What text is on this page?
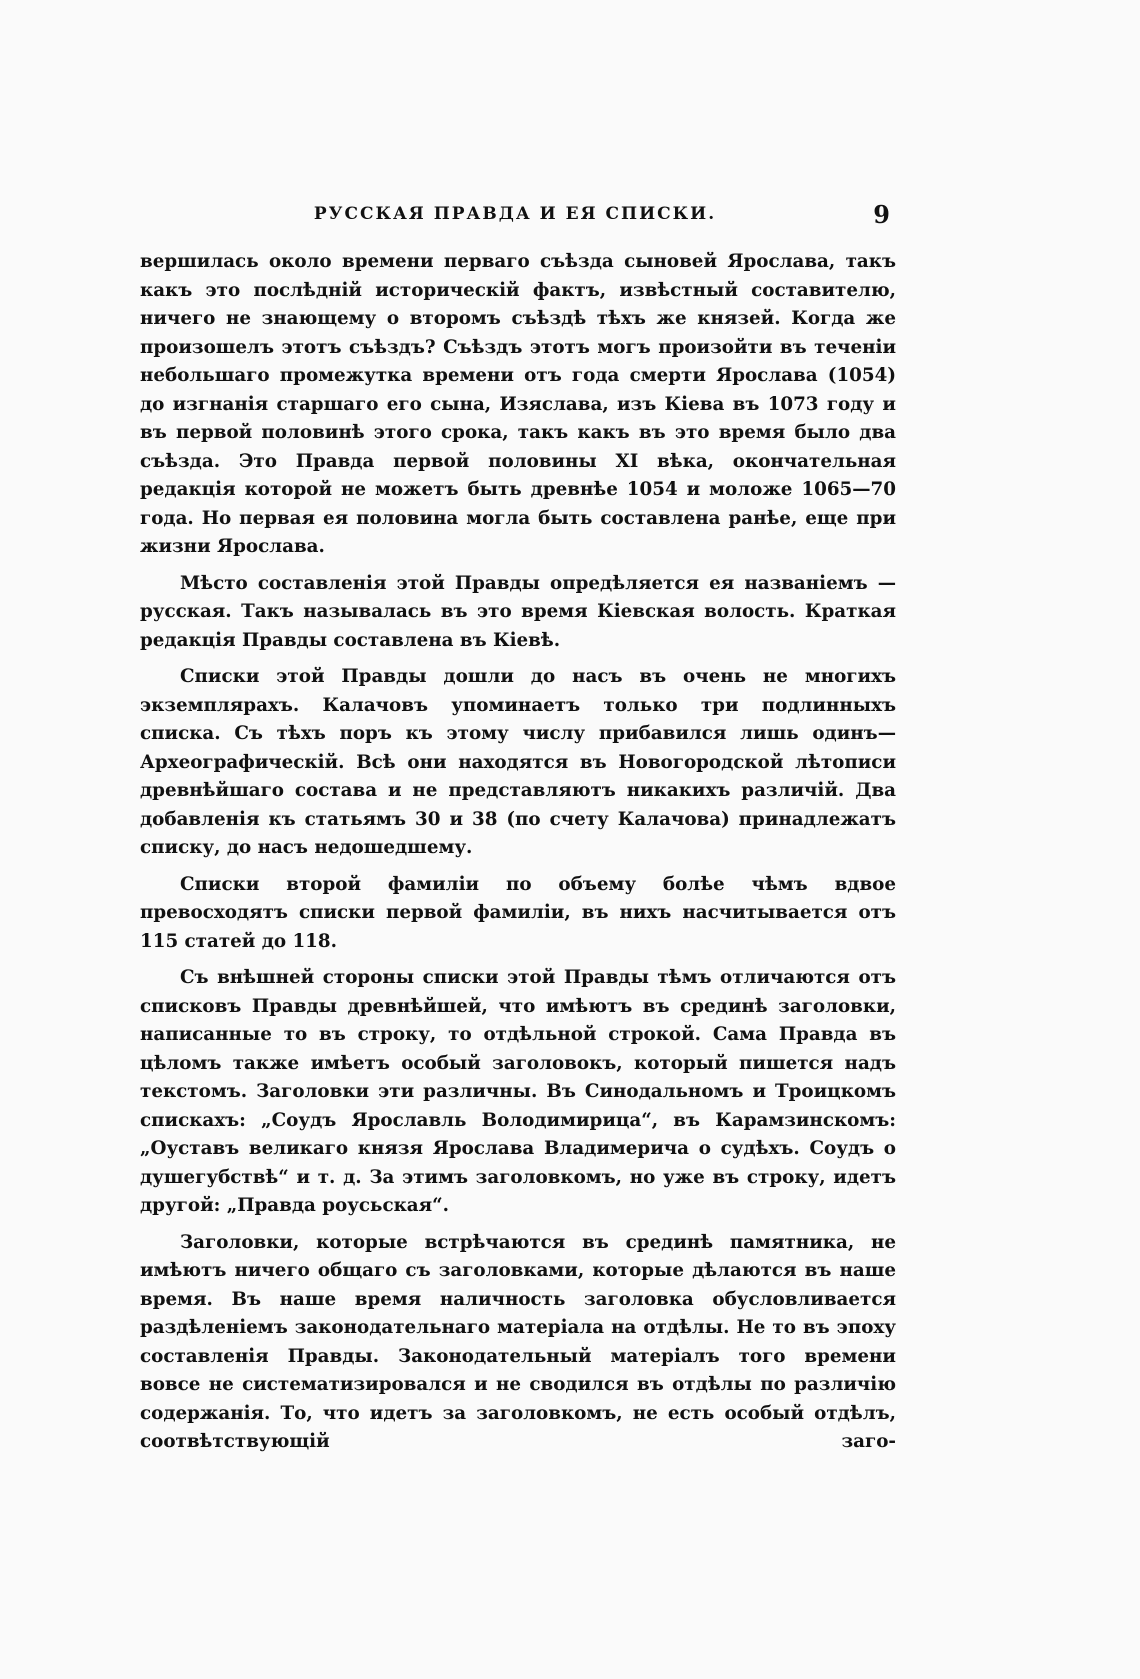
РУССКАЯ ПРАВДА И ЕЯ СПИСКИ.	9

вершилась около времени перваго съѣзда сыновей Ярослава, такъ какъ это послѣдній историческій фактъ, извѣстный составителю, ничего не знающему о второмъ съѣздѣ тѣхъ же князей. Когда же произошелъ этотъ съѣздъ? Съѣздъ этотъ могъ произойти въ теченіи небольшаго промежутка времени отъ года смерти Ярослава (1054) до изгнанія старшаго его сына, Изяслава, изъ Кіева въ 1073 году и въ первой половинѣ этого срока, такъ какъ въ это время было два съѣзда. Это Правда первой половины XI вѣка, окончательная редакція которой не можетъ быть древнѣе 1054 и моложе 1065—70 года. Но первая ея половина могла быть составлена ранѣе, еще при жизни Ярослава.

Мѣсто составленія этой Правды опредѣляется ея названіемъ — русская. Такъ называлась въ это время Кіевская волость. Краткая редакція Правды составлена въ Кіевѣ.

Списки этой Правды дошли до насъ въ очень не многихъ экземплярахъ. Калачовъ упоминаетъ только три подлинныхъ списка. Съ тѣхъ поръ къ этому числу прибавился лишь одинъ—Археографическій. Всѣ они находятся въ Новогородской лѣтописи древнѣйшаго состава и не представляютъ никакихъ различій. Два добавленія къ статьямъ 30 и 38 (по счету Калачова) принадлежатъ списку, до насъ недошедшему.

Списки второй фамиліи по объему болѣе чѣмъ вдвое превосходятъ списки первой фамиліи, въ нихъ насчитывается отъ 115 статей до 118.

Съ внѣшней стороны списки этой Правды тѣмъ отличаются отъ списковъ Правды древнѣйшей, что имѣютъ въ срединѣ заголовки, написанные то въ строку, то отдѣльной строкой. Сама Правда въ цѣломъ также имѣетъ особый заголовокъ, который пишется надъ текстомъ. Заголовки эти различны. Въ Синодальномъ и Троицкомъ спискахъ: „Соудъ Ярославль Володимирица“, въ Карамзинскомъ: „Оуставъ великаго князя Ярослава Владимерича о судѣхъ. Соудъ о душегубствѣ“ и т. д. За этимъ заголовкомъ, но уже въ строку, идетъ другой: „Правда роусьская“.

Заголовки, которые встрѣчаются въ срединѣ памятника, не имѣютъ ничего общаго съ заголовками, которые дѣлаются въ наше время. Въ наше время наличность заголовка обусловливается раздѣленіемъ законодательнаго матеріала на отдѣлы. Не то въ эпоху составленія Правды. Законодательный матеріалъ того времени вовсе не систематизировался и не сводился въ отдѣлы по различію содержанія. То, что идетъ за заголовкомъ, не есть особый отдѣлъ, соотвѣтствующій заго-
